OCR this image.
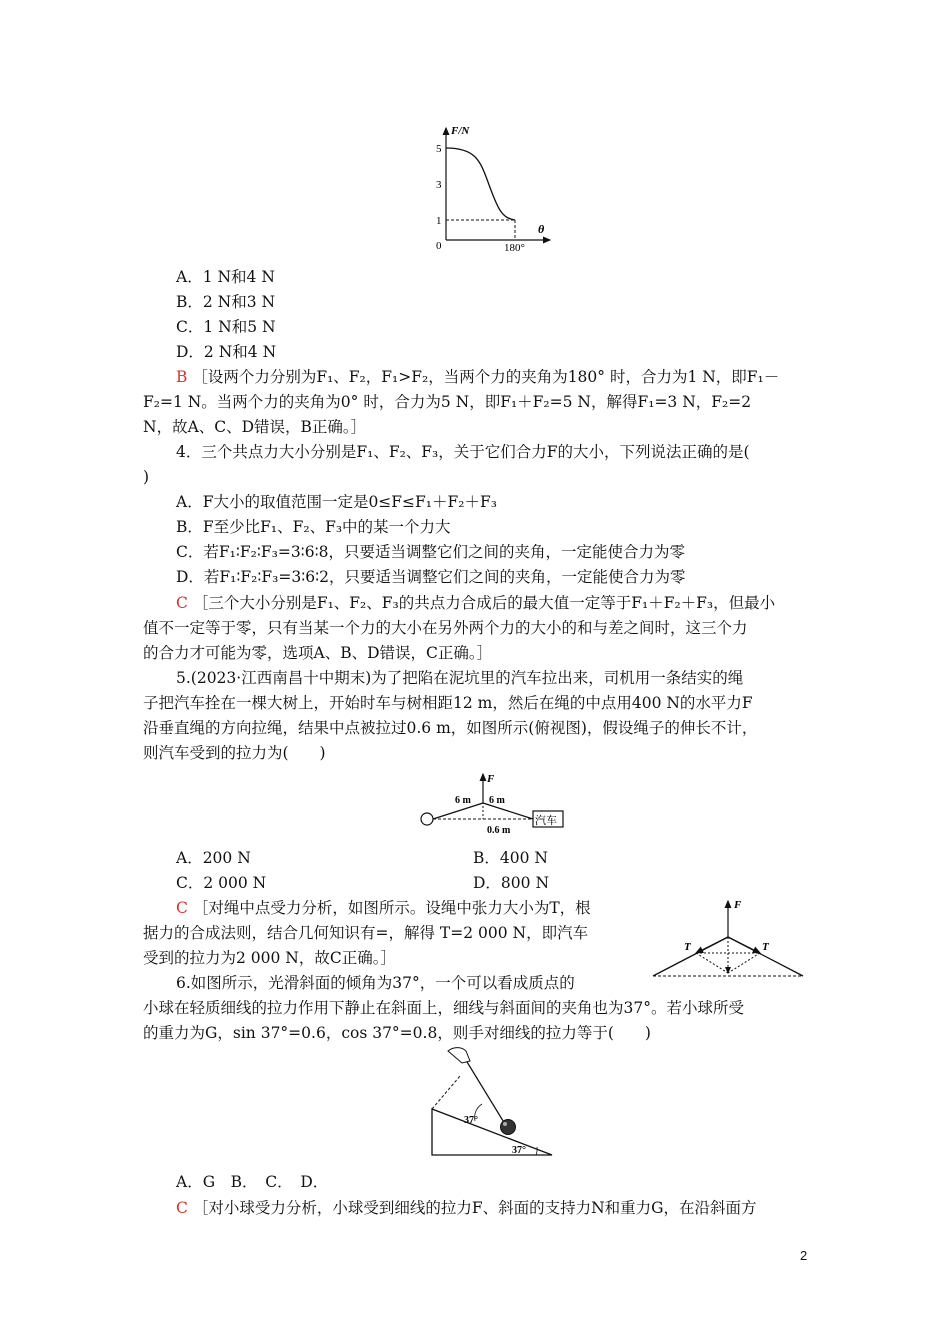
F/N
θ
5
3
1
0	180°
A．1 N和4 N
B．2 N和3 N
C．1 N和5 N
D．2 N和4 N
B ［设两个力分别为F₁、F₂，F₁>F₂，当两个力的夹角为180° 时，合力为1 N，即F₁－
F₂=1 N。当两个力的夹角为0° 时，合力为5 N，即F₁＋F₂=5 N，解得F₁=3 N，F₂=2
N，故A、C、D错误，B正确。］
4．三个共点力大小分别是F₁、F₂、F₃，关于它们合力F的大小，下列说法正确的是(
)
A．F大小的取值范围一定是0≤F≤F₁＋F₂＋F₃
B．F至少比F₁、F₂、F₃中的某一个力大
C．若F₁∶F₂∶F₃=3∶6∶8，只要适当调整它们之间的夹角，一定能使合力为零
D．若F₁∶F₂∶F₃=3∶6∶2，只要适当调整它们之间的夹角，一定能使合力为零
C ［三个大小分别是F₁、F₂、F₃的共点力合成后的最大值一定等于F₁＋F₂＋F₃，但最小
值不一定等于零，只有当某一个力的大小在另外两个力的大小的和与差之间时，这三个力
的合力才可能为零，选项A、B、D错误，C正确。］
5.(2023·江西南昌十中期末)为了把陷在泥坑里的汽车拉出来，司机用一条结实的绳
子把汽车拴在一棵大树上，开始时车与树相距12 m，然后在绳的中点用400 N的水平力F
沿垂直绳的方向拉绳，结果中点被拉过0.6 m，如图所示(俯视图)，假设绳子的伸长不计，
则汽车受到的拉力为(　　)
汽车
F
6 m 6 m
0.6 m
A．200 N	B．400 N
C．2 000 N	D．800 N
C ［对绳中点受力分析，如图所示。设绳中张力大小为T，根
据力的合成法则，结合几何知识有=，解得 T=2 000 N，即汽车
受到的拉力为2 000 N，故C正确。］
F
T	T
6.如图所示，光滑斜面的倾角为37°，一个可以看成质点的
小球在轻质细线的拉力作用下静止在斜面上，细线与斜面间的夹角也为37°。若小球所受
的重力为G，sin 37°=0.6，cos 37°=0.8，则手对细线的拉力等于(　　)
37°
37°
A．G　B．　C．　D．
C ［对小球受力分析，小球受到细线的拉力F、斜面的支持力N和重力G，在沿斜面方
2
